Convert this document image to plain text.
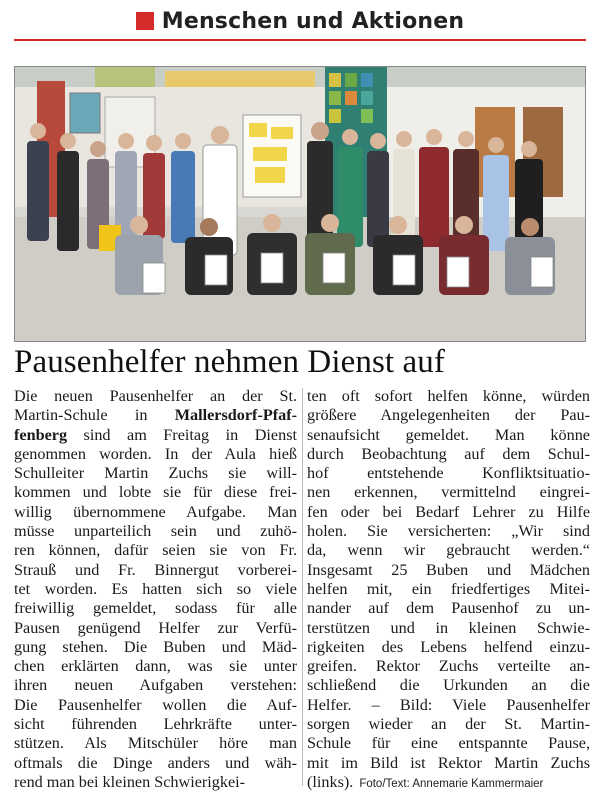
Menschen und Aktionen
Pausenhelfer nehmen Dienst auf
Die neuen Pausenhelfer an der St.
Martin-Schule in Mallersdorf-Pfaf-
fenberg sind am Freitag in Dienst
genommen worden. In der Aula hieß
Schulleiter Martin Zuchs sie will-
kommen und lobte sie für diese frei-
willig übernommene Aufgabe. Man
müsse unparteilich sein und zuhö-
ren können, dafür seien sie von Fr.
Strauß und Fr. Binnergut vorberei-
tet worden. Es hatten sich so viele
freiwillig gemeldet, sodass für alle
Pausen genügend Helfer zur Verfü-
gung stehen. Die Buben und Mäd-
chen erklärten dann, was sie unter
ihren neuen Aufgaben verstehen:
Die Pausenhelfer wollen die Auf-
sicht führenden Lehrkräfte unter-
stützen. Als Mitschüler höre man
oftmals die Dinge anders und wäh-
rend man bei kleinen Schwierigkei-
ten oft sofort helfen könne, würden
größere Angelegenheiten der Pau-
senaufsicht gemeldet. Man könne
durch Beobachtung auf dem Schul-
hof entstehende Konfliktsituatio-
nen erkennen, vermittelnd eingrei-
fen oder bei Bedarf Lehrer zu Hilfe
holen. Sie versicherten: „Wir sind
da, wenn wir gebraucht werden.“
Insgesamt 25 Buben und Mädchen
helfen mit, ein friedfertiges Mitei-
nander auf dem Pausenhof zu un-
terstützen und in kleinen Schwie-
rigkeiten des Lebens helfend einzu-
greifen. Rektor Zuchs verteilte an-
schließend die Urkunden an die
Helfer. – Bild: Viele Pausenhelfer
sorgen wieder an der St. Martin-
Schule für eine entspannte Pause,
mit im Bild ist Rektor Martin Zuchs
(links). Foto/Text: Annemarie Kammermaier
